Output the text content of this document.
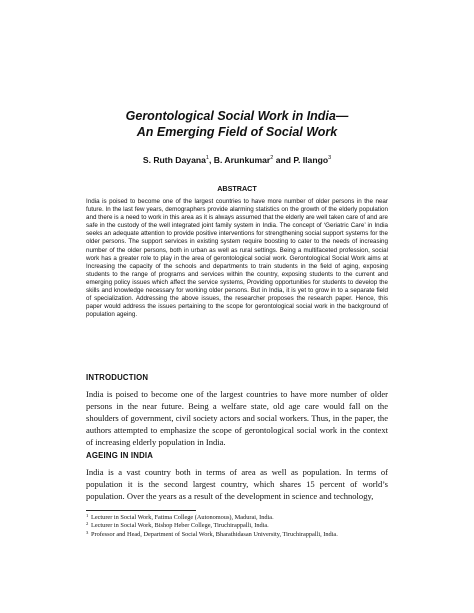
Gerontological Social Work in India—
An Emerging Field of Social Work

S. Ruth Dayana$^1$, B. Arunkumar$^2$ and P. Ilango$^3$

ABSTRACT

India is poised to become one of the largest countries to have more number of older persons in the near future. In the last few years, demographers provide alarming statistics on the growth of the elderly population and there is a need to work in this area as it is always assumed that the elderly are well taken care of and are safe in the custody of the well integrated joint family system in India. The concept of ‘Geriatric Care’ in India seeks an adequate attention to provide positive interventions for strengthening social support systems for the older persons. The support services in existing system require boosting to cater to the needs of increasing number of the older persons, both in urban as well as rural settings. Being a multifaceted profession, social work has a greater role to play in the area of gerontological social work. Gerontological Social Work aims at Increasing the capacity of the schools and departments to train students in the field of aging, exposing students to the range of programs and services within the country, exposing students to the current and emerging policy issues which affect the service systems, Providing opportunities for students to develop the skills and knowledge necessary for working older persons. But in India, it is yet to grow in to a separate field of specialization. Addressing the above issues, the researcher proposes the research paper. Hence, this paper would address the issues pertaining to the scope for gerontological social work in the background of population ageing.

INTRODUCTION

India is poised to become one of the largest countries to have more number of older persons in the near future. Being a welfare state, old age care would fall on the shoulders of government, civil society actors and social workers. Thus, in the paper, the authors attempted to emphasize the scope of gerontological social work in the context of increasing elderly population in India.

AGEING IN INDIA

India is a vast country both in terms of area as well as population. In terms of population it is the second largest country, which shares 15 percent of world’s population. Over the years as a result of the development in science and technology,

1 Lecturer in Social Work, Fatima College (Autonomous), Madurai, India.

2 Lecturer in Social Work, Bishop Heber College, Tiruchirappalli, India.

3 Professor and Head, Department of Social Work, Bharathidasan University, Tiruchirappalli, India.
